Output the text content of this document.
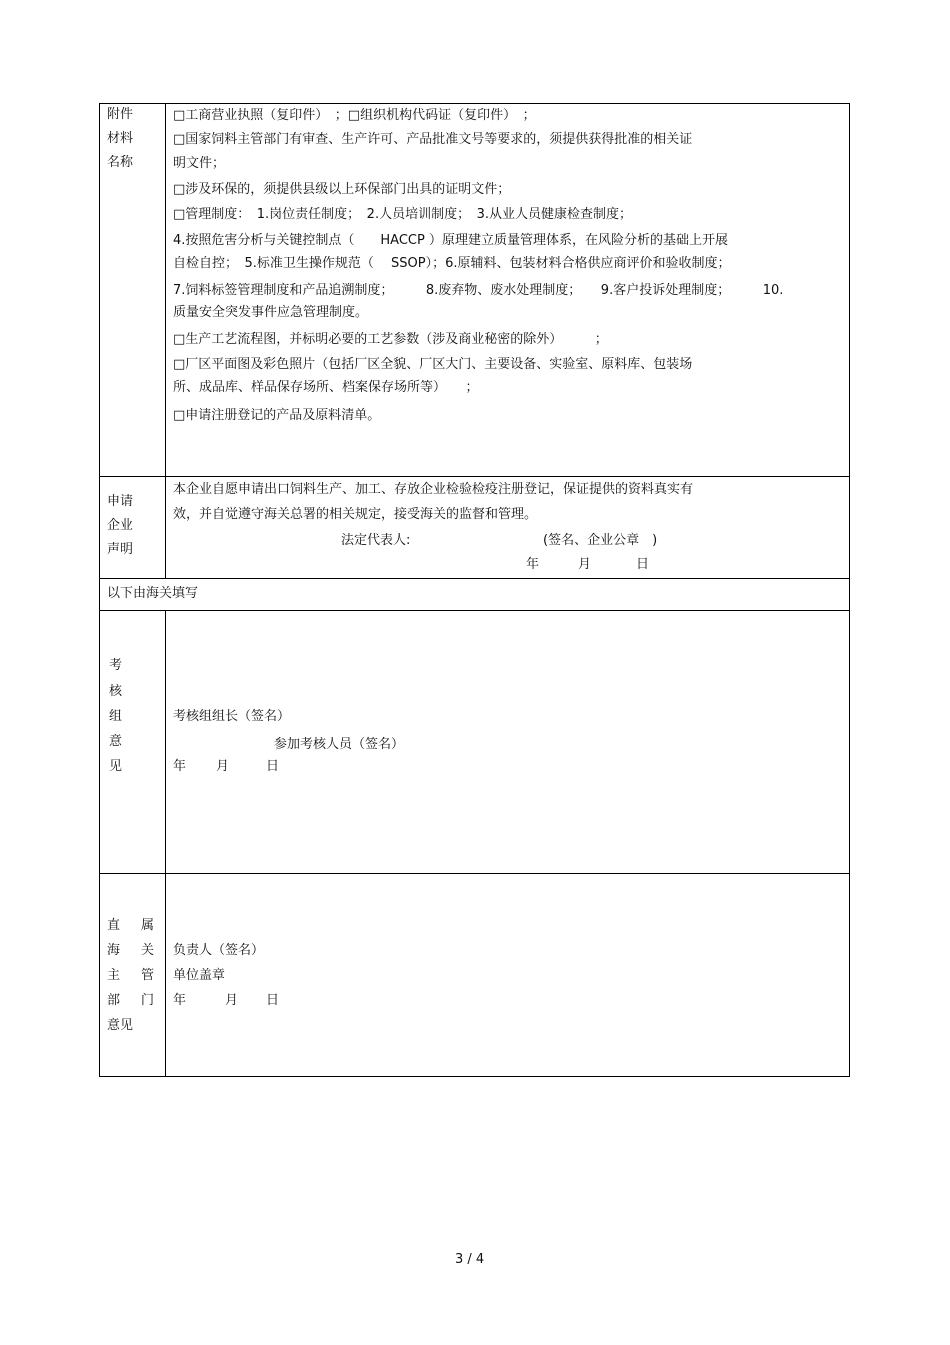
附件
材料
名称
□工商营业执照（复印件）　；□组织机构代码证（复印件）　；
□国家饲料主管部门有审查、生产许可、产品批准文号等要求的，须提供获得批准的相关证
明文件；
□涉及环保的，须提供县级以上环保部门出具的证明文件；
□管理制度：　1.岗位责任制度；　2.人员培训制度；　3.从业人员健康检查制度；
4.按照危害分析与关键控制点（　　HACCP ）原理建立质量管理体系，在风险分析的基础上开展
自检自控；　5.标准卫生操作规范（　 SSOP）；6.原辅料、包装材料合格供应商评价和验收制度；
7.饲料标签管理制度和产品追溯制度；　　　8.废弃物、废水处理制度；　　9.客户投诉处理制度；　　　10.
质量安全突发事件应急管理制度。
□生产工艺流程图，并标明必要的工艺参数（涉及商业秘密的除外）　　　；
□厂区平面图及彩色照片（包括厂区全貌、厂区大门、主要设备、实验室、原料库、包装场
所、成品库、样品保存场所、档案保存场所等）　　；
□申请注册登记的产品及原料清单。
申请
企业
声明
本企业自愿申请出口饲料生产、加工、存放企业检验检疫注册登记，保证提供的资料真实有
效，并自觉遵守海关总署的相关规定，接受海关的监督和管理。
法定代表人:	(签名、企业公章　)
年	月	日
以下由海关填写
考
核
组
意
见
考核组组长（签名）
参加考核人员（签名）
年 月	日
直 属
海 关
主 管
部 门
意见
负责人（签名）
单位盖章
年	月 日
3 / 4
